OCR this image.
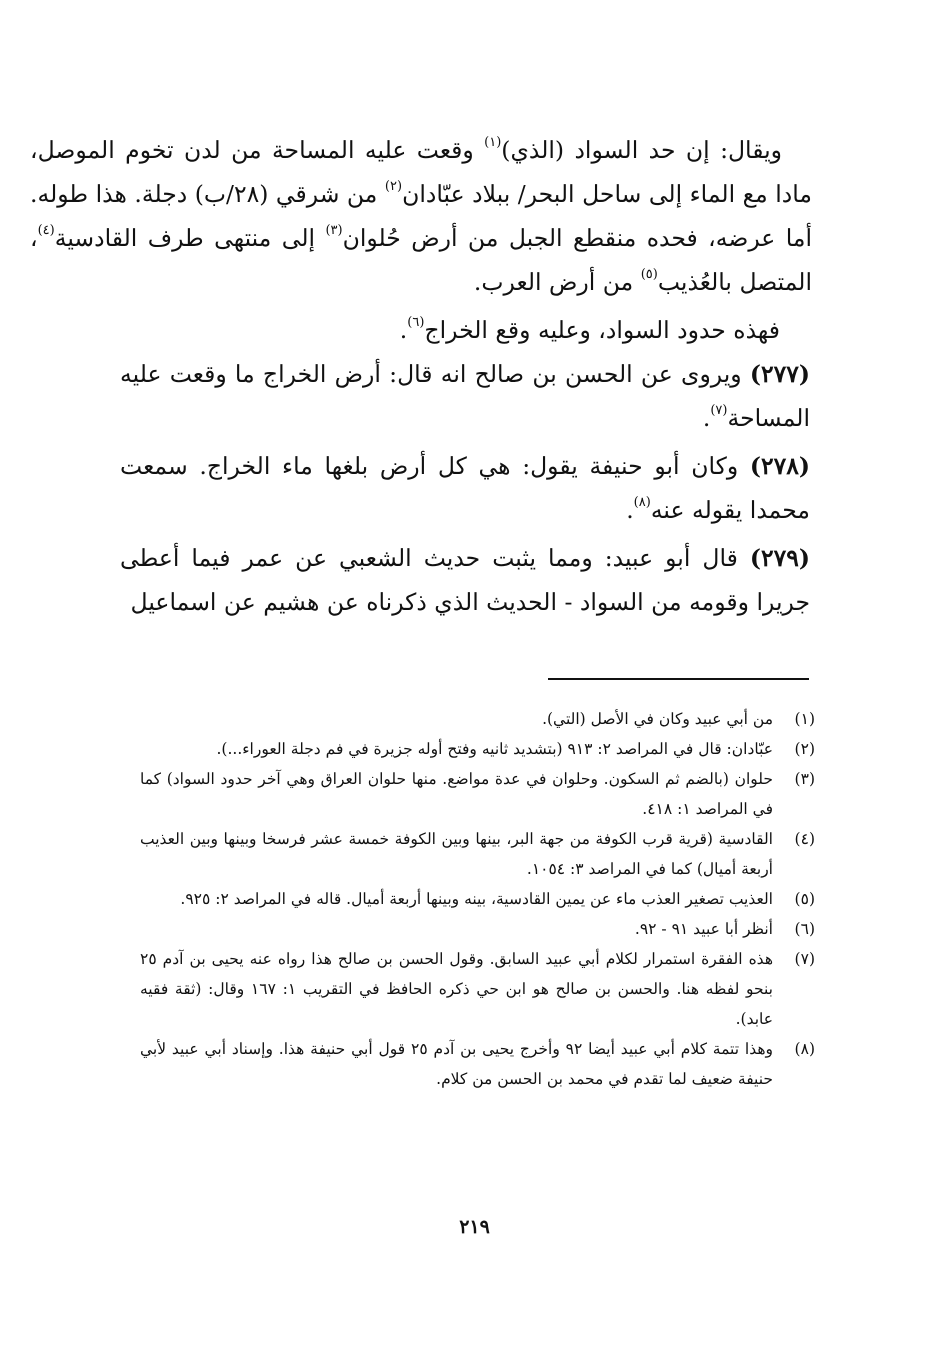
ويقال: إن حد السواد (الذي)$^{(١)}$ وقعت عليه المساحة من لدن تخوم الموصل، مادا مع الماء إلى ساحل البحر/ ببلاد عبّادان$^{(٢)}$ من شرقي (٢٨/ب) دجلة. هذا طوله. أما عرضه، فحده منقطع الجبل من أرض حُلوان$^{(٣)}$ إلى منتهى طرف القادسية$^{(٤)}$، المتصل بالعُذيب$^{(٥)}$ من أرض العرب.

فهذه حدود السواد، وعليه وقع الخراج$^{(٦)}$.

(٢٧٧) ويروى عن الحسن بن صالح انه قال: أرض الخراج ما وقعت عليه المساحة$^{(٧)}$.

(٢٧٨) وكان أبو حنيفة يقول: هي كل أرض بلغها ماء الخراج. سمعت محمدا يقوله عنه$^{(٨)}$.

(٢٧٩) قال أبو عبيد: ومما يثبت حديث الشعبي عن عمر فيما أعطى جريرا وقومه من السواد - الحديث الذي ذكرناه عن هشيم عن اسماعيل

(١)
من أبي عبيد وكان في الأصل (التي).
(٢)
عبّادان: قال في المراصد ٢: ٩١٣ (بتشديد ثانيه وفتح أوله جزيرة في فم دجلة العوراء...).
(٣)
حلوان (بالضم ثم السكون. وحلوان في عدة مواضع. منها حلوان العراق وهي آخر حدود السواد) كما في المراصد ١: ٤١٨.
(٤)
القادسية (قرية قرب الكوفة من جهة البر، بينها وبين الكوفة خمسة عشر فرسخا وبينها وبين العذيب أربعة أميال) كما في المراصد ٣: ١٠٥٤.
(٥)
العذيب تصغير العذب ماء عن يمين القادسية، بينه وبينها أربعة أميال. قاله في المراصد ٢: ٩٢٥.
(٦)
أنظر أبا عبيد ٩١ - ٩٢.
(٧)
هذه الفقرة استمرار لكلام أبي عبيد السابق. وقول الحسن بن صالح هذا رواه عنه يحيى بن آدم ٢٥ بنحو لفظه هنا. والحسن بن صالح هو ابن حي ذكره الحافظ في التقريب ١: ١٦٧ وقال: (ثقة فقيه عابد).
(٨)
وهذا تتمة كلام أبي عبيد أيضا ٩٢ وأخرج يحيى بن آدم ٢٥ قول أبي حنيفة هذا. وإسناد أبي عبيد لأبي حنيفة ضعيف لما تقدم في محمد بن الحسن من كلام.
٢١٩
